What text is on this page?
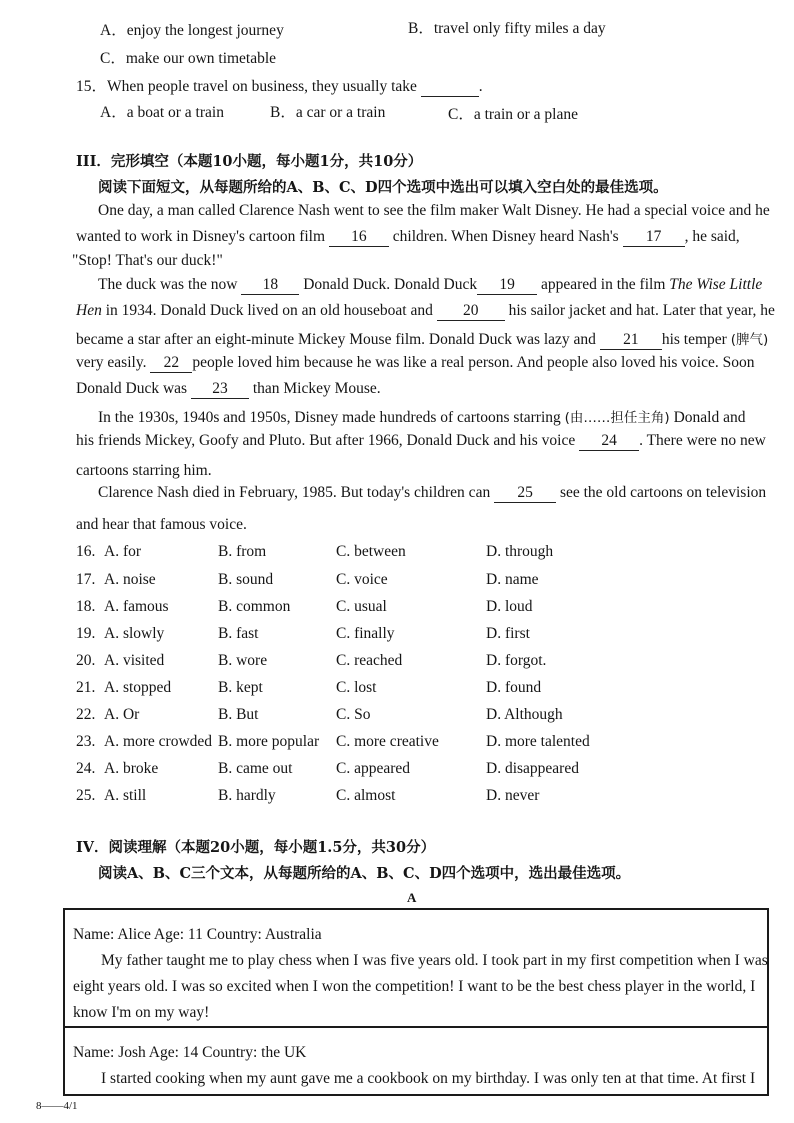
A．enjoy the longest journey	B．travel only fifty miles a day
C．make our own timetable
15．When people travel on business, they usually take	.
A．a boat or a train	B．a car or a train	C．a train or a plane
III．完形填空（本题10小题，每小题1分，共10分）
阅读下面短文，从每题所给的A、B、C、D四个选项中选出可以填入空白处的最佳选项。
One day, a man called Clarence Nash went to see the film maker Walt Disney. He had a special voice and he
wanted to work in Disney's cartoon film 16 children. When Disney heard Nash's 17 , he said,
"Stop! That's our duck!"
The duck was the now 18 Donald Duck. Donald Duck 19 appeared in the film The Wise Little
Hen in 1934. Donald Duck lived on an old houseboat and 20 his sailor jacket and hat. Later that year, he
became a star after an eight-minute Mickey Mouse film. Donald Duck was lazy and 21 his temper (脾气)
very easily. 22 people loved him because he was like a real person. And people also loved his voice. Soon
Donald Duck was 23 than Mickey Mouse.
In the 1930s, 1940s and 1950s, Disney made hundreds of cartoons starring (由……担任主角) Donald and
his friends Mickey, Goofy and Pluto. But after 1966, Donald Duck and his voice 24 . There were no new
cartoons starring him.
Clarence Nash died in February, 1985. But today's children can 25 see the old cartoons on television
and hear that famous voice.
16. A. for	B. from	C. between	D. through
17. A. noise	B. sound	C. voice	D. name
18. A. famous	B. common	C. usual	D. loud
19. A. slowly	B. fast	C. finally	D. first
20. A. visited	B. wore	C. reached	D. forgot.
21. A. stopped	B. kept	C. lost	D. found
22. A. Or	B. But	C. So	D. Although
23. A. more crowded B. more popular C. more creative	D. more talented
24. A. broke	B. came out	C. appeared	D. disappeared
25. A. still	B. hardly	C. almost	D. never
IV．阅读理解（本题20小题，每小题1.5分，共30分）
阅读A、B、C三个文本，从每题所给的A、B、C、D四个选项中，选出最佳选项。
A
Name: Alice Age: 11 Country: Australia
My father taught me to play chess when I was five years old. I took part in my first competition when I was
eight years old. I was so excited when I won the competition! I want to be the best chess player in the world, I
know I'm on my way!
Name: Josh Age: 14 Country: the UK
I started cooking when my aunt gave me a cookbook on my birthday. I was only ten at that time. At first I
8——4/1
